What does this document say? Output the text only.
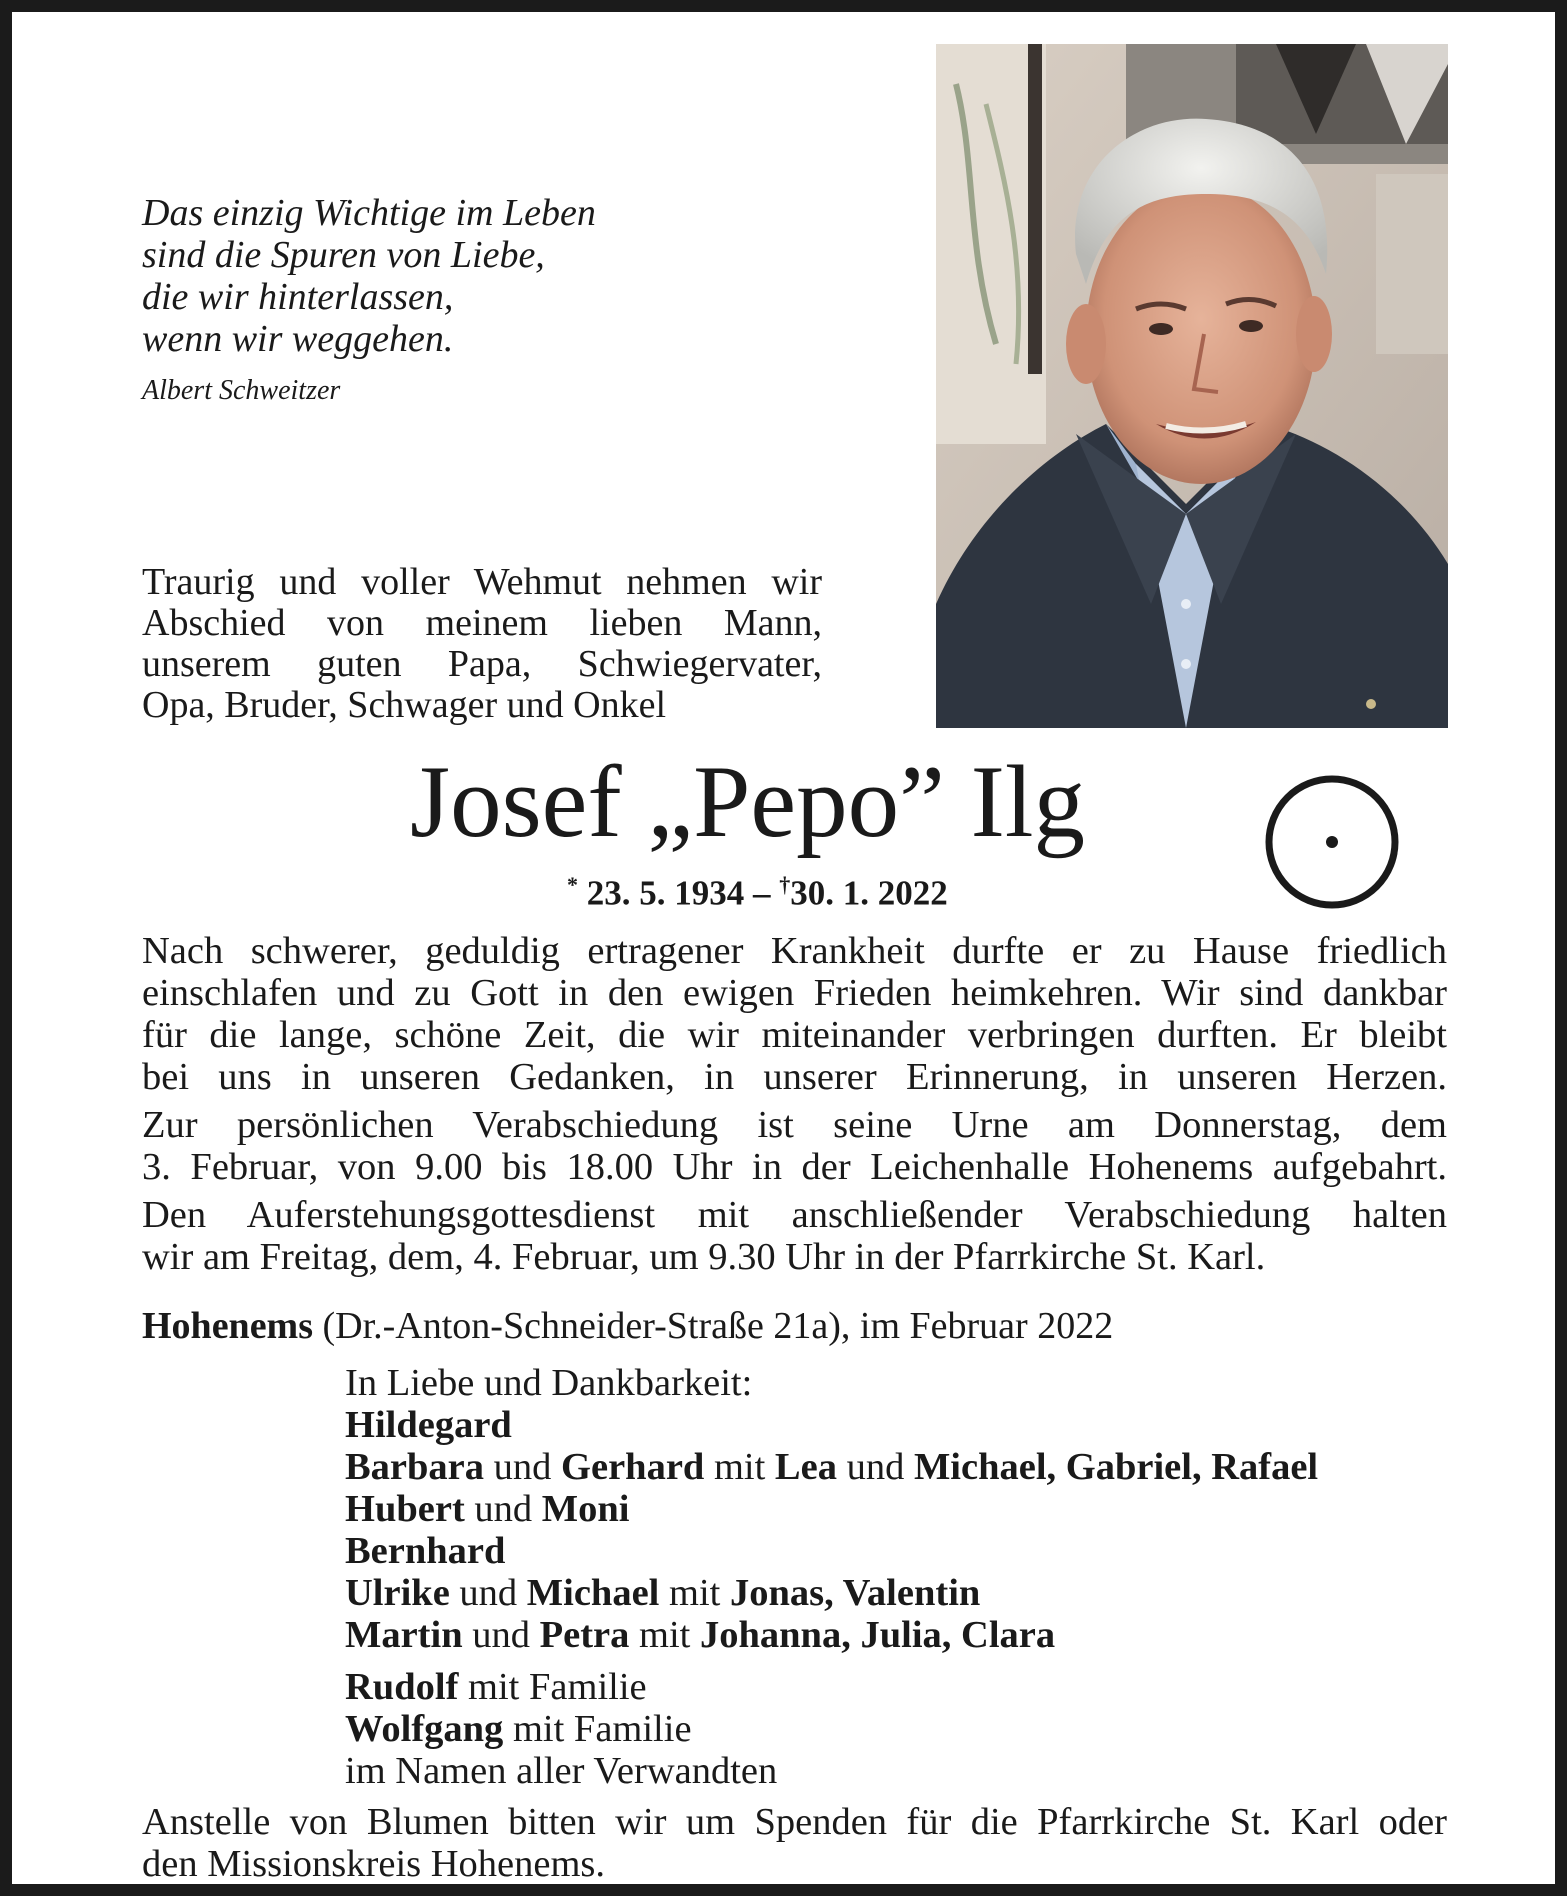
Das einzig Wichtige im Leben
sind die Spuren von Liebe,
die wir hinterlassen,
wenn wir weggehen.
Albert Schweitzer
Traurig und voller Wehmut nehmen wir
Abschied von meinem lieben Mann,
unserem guten Papa, Schwiegervater,
Opa, Bruder, Schwager und Onkel
Josef „Pepo” Ilg
* 23. 5. 1934 – †30. 1. 2022
Nach schwerer, geduldig ertragener Krankheit durfte er zu Hause friedlich
einschlafen und zu Gott in den ewigen Frieden heimkehren. Wir sind dankbar
für die lange, schöne Zeit, die wir miteinander verbringen durften. Er bleibt
bei uns in unseren Gedanken, in unserer Erinnerung, in unseren Herzen.
Zur persönlichen Verabschiedung ist seine Urne am Donnerstag, dem
3. Februar, von 9.00 bis 18.00 Uhr in der Leichenhalle Hohenems aufgebahrt.
Den Auferstehungsgottesdienst mit anschließender Verabschiedung halten
wir am Freitag, dem, 4. Februar, um 9.30 Uhr in der Pfarrkirche St. Karl.
Hohenems (Dr.-Anton-Schneider-Straße 21a), im Februar 2022
In Liebe und Dankbarkeit:
Hildegard
Barbara und Gerhard mit Lea und Michael, Gabriel, Rafael
Hubert und Moni
Bernhard
Ulrike und Michael mit Jonas, Valentin
Martin und Petra mit Johanna, Julia, Clara
Rudolf mit Familie
Wolfgang mit Familie
im Namen aller Verwandten
Anstelle von Blumen bitten wir um Spenden für die Pfarrkirche St. Karl oder
den Missionskreis Hohenems.
